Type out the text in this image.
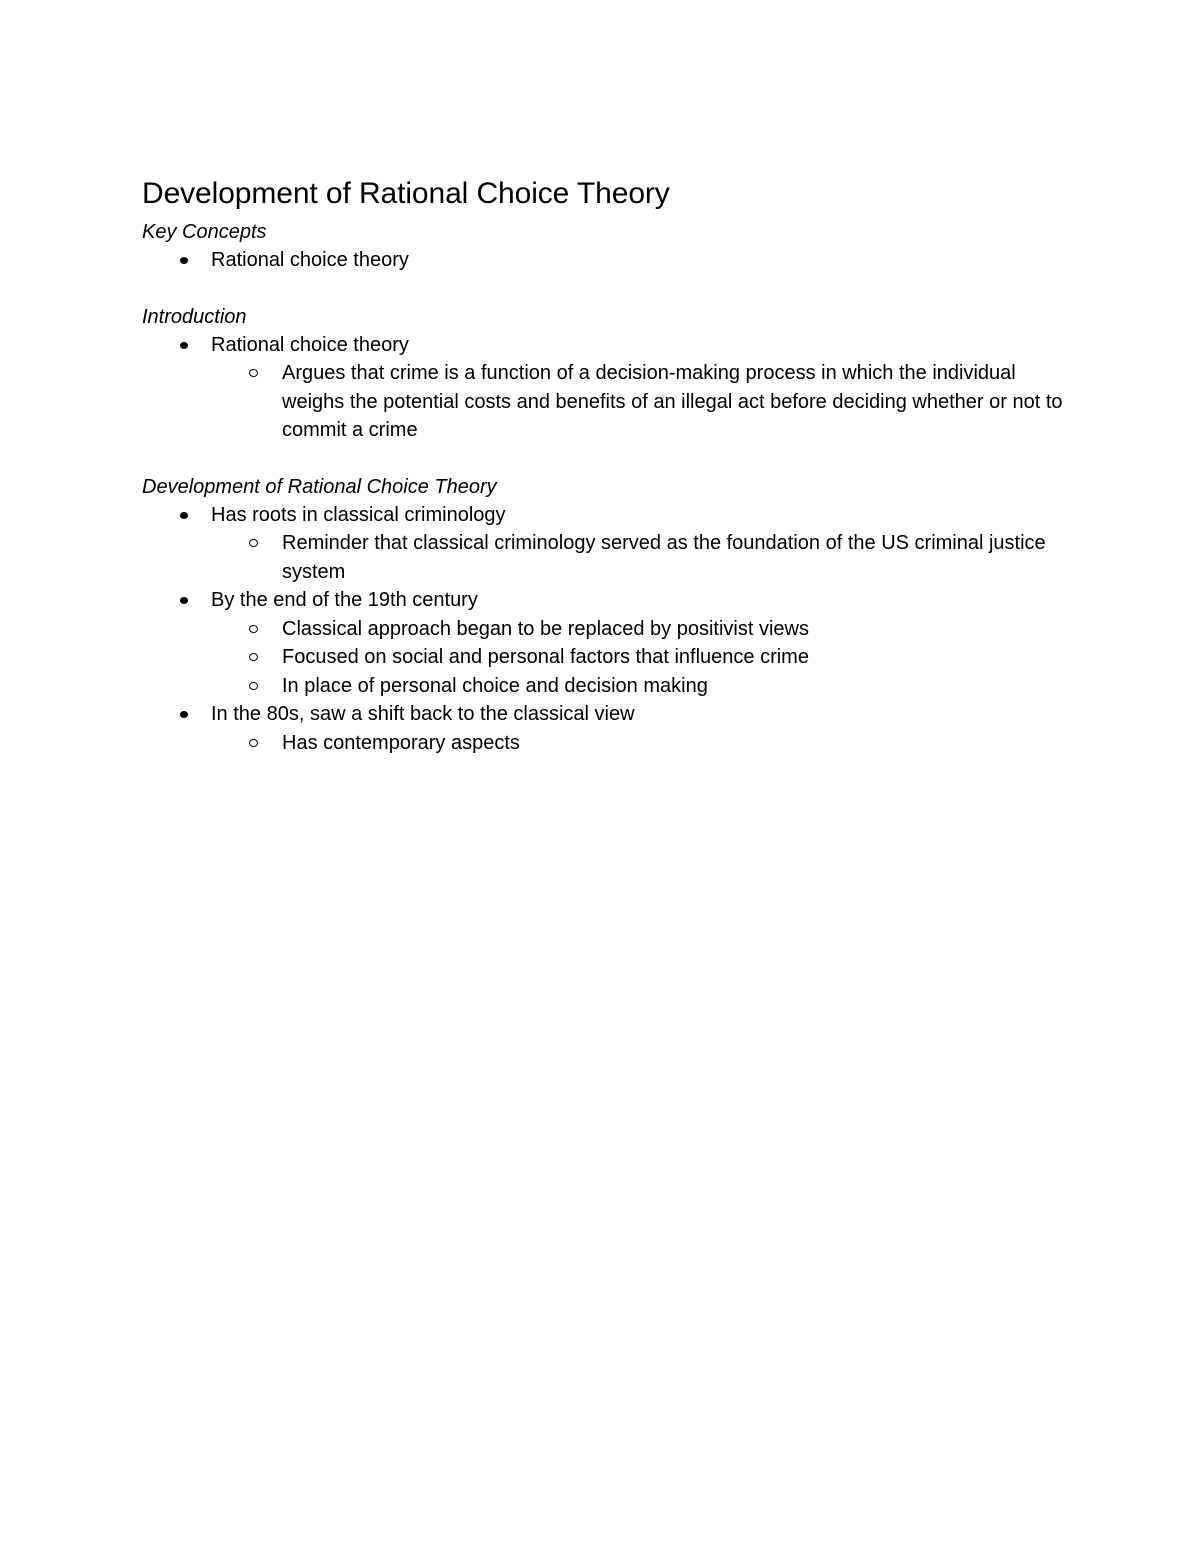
Development of Rational Choice Theory
Key Concepts
Rational choice theory
Introduction
Rational choice theory
Argues that crime is a function of a decision-making process in which the individual weighs the potential costs and benefits of an illegal act before deciding whether or not to commit a crime
Development of Rational Choice Theory
Has roots in classical criminology
Reminder that classical criminology served as the foundation of the US criminal justice system
By the end of the 19th century
Classical approach began to be replaced by positivist views
Focused on social and personal factors that influence crime
In place of personal choice and decision making
In the 80s, saw a shift back to the classical view
Has contemporary aspects
